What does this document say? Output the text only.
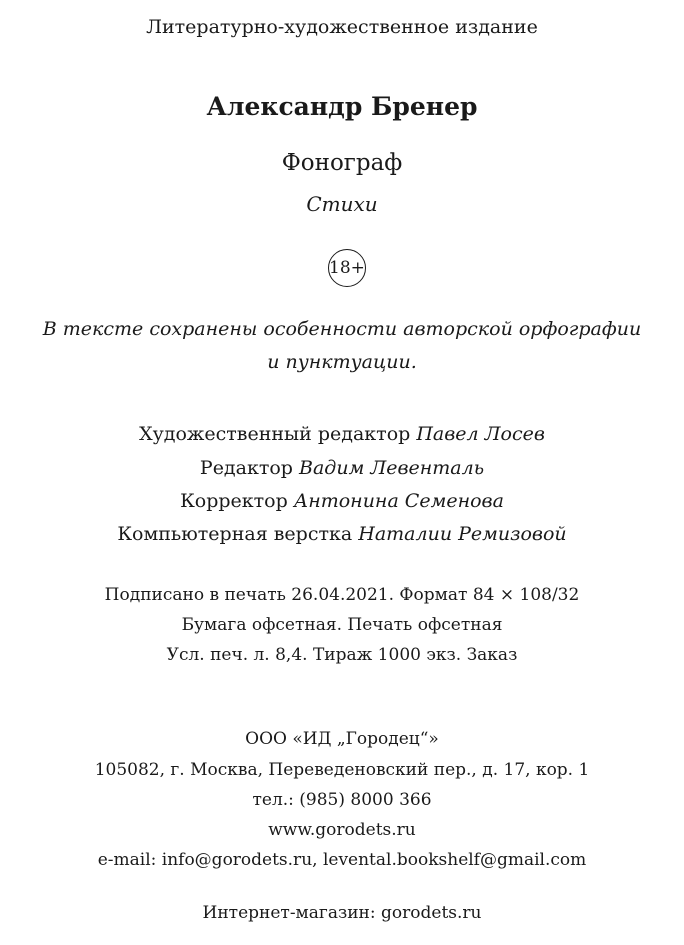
Литературно-художественное издание
Александр Бренер
Фонограф
Стихи
18+
В тексте сохранены особенности авторской орфографии
и пунктуации.
Художественный редактор Павел Лосев
Редактор Вадим Левенталь
Корректор Антонина Семенова
Компьютерная верстка Наталии Ремизовой
Подписано в печать 26.04.2021. Формат 84 × 108/32
Бумага офсетная. Печать офсетная
Усл. печ. л. 8,4. Тираж 1000 экз. Заказ
ООО «ИД „Городец“»
105082, г. Москва, Переведеновский пер., д. 17, кор. 1
тел.: (985) 8000 366
www.gorodets.ru
e-mail: info@gorodets.ru, levental.bookshelf@gmail.com
Интернет-магазин: gorodets.ru
